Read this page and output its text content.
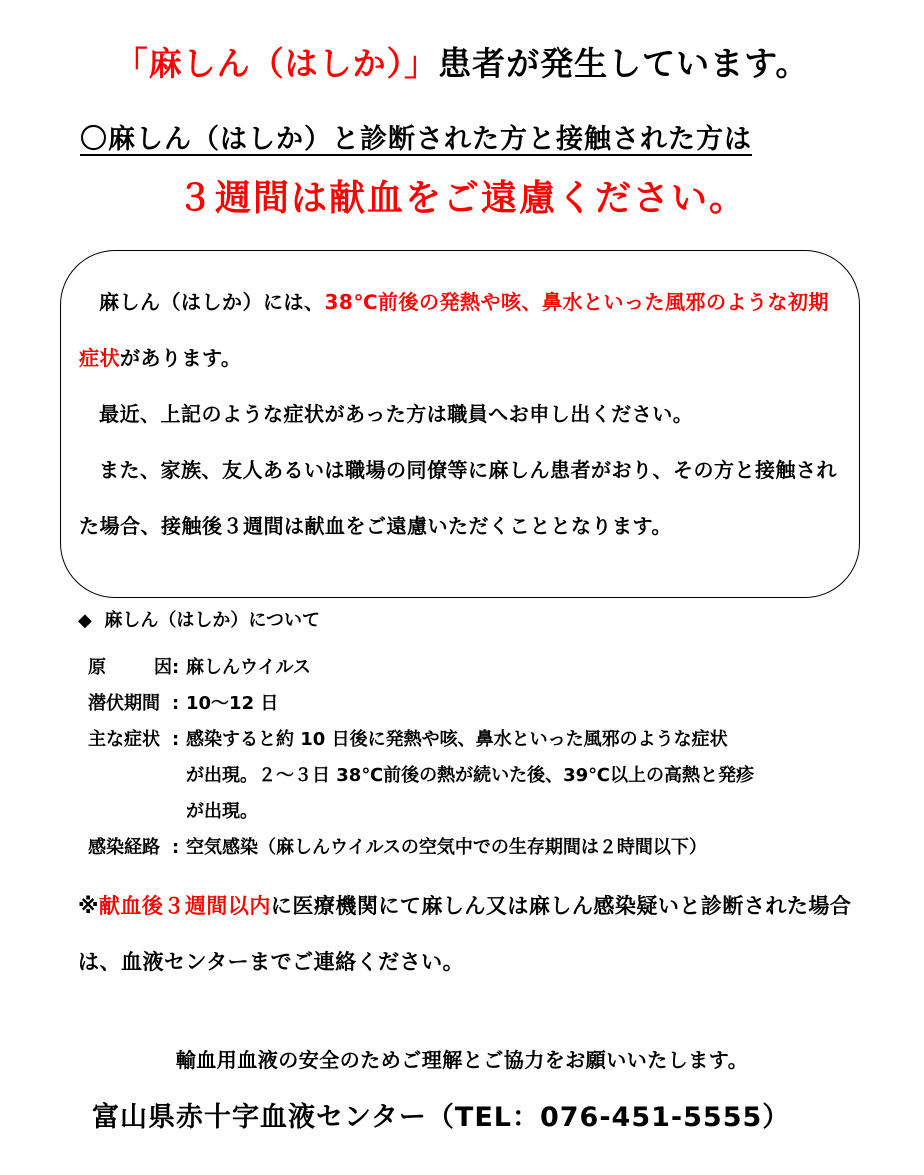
「麻しん（はしか）」患者が発生しています。
〇麻しん（はしか）と診断された方と接触された方は
３週間は献血をご遠慮ください。

麻しん（はしか）には、38℃前後の発熱や咳、鼻水といった風邪のような初期症状があります。

最近、上記のような症状があった方は職員へお申し出ください。

また、家族、友人あるいは職場の同僚等に麻しん患者がおり、その方と接触された場合、接触後３週間は献血をご遠慮いただくこととなります。

◆ 麻しん（はしか）について
原	因 : 麻しんウイルス
潜伏期間 : 10〜12 日
主な症状 : 感染すると約 10 日後に発熱や咳、鼻水といった風邪のような症状
が出現。２〜３日 38℃前後の熱が続いた後、39℃以上の高熱と発疹
が出現。
感染経路 : 空気感染（麻しんウイルスの空気中での生存期間は２時間以下）
※献血後３週間以内に医療機関にて麻しん又は麻しん感染疑いと診断された場合は、血液センターまでご連絡ください。
輸血用血液の安全のためご理解とご協力をお願いいたします。
富山県赤十字血液センター（TEL：076-451-5555）
